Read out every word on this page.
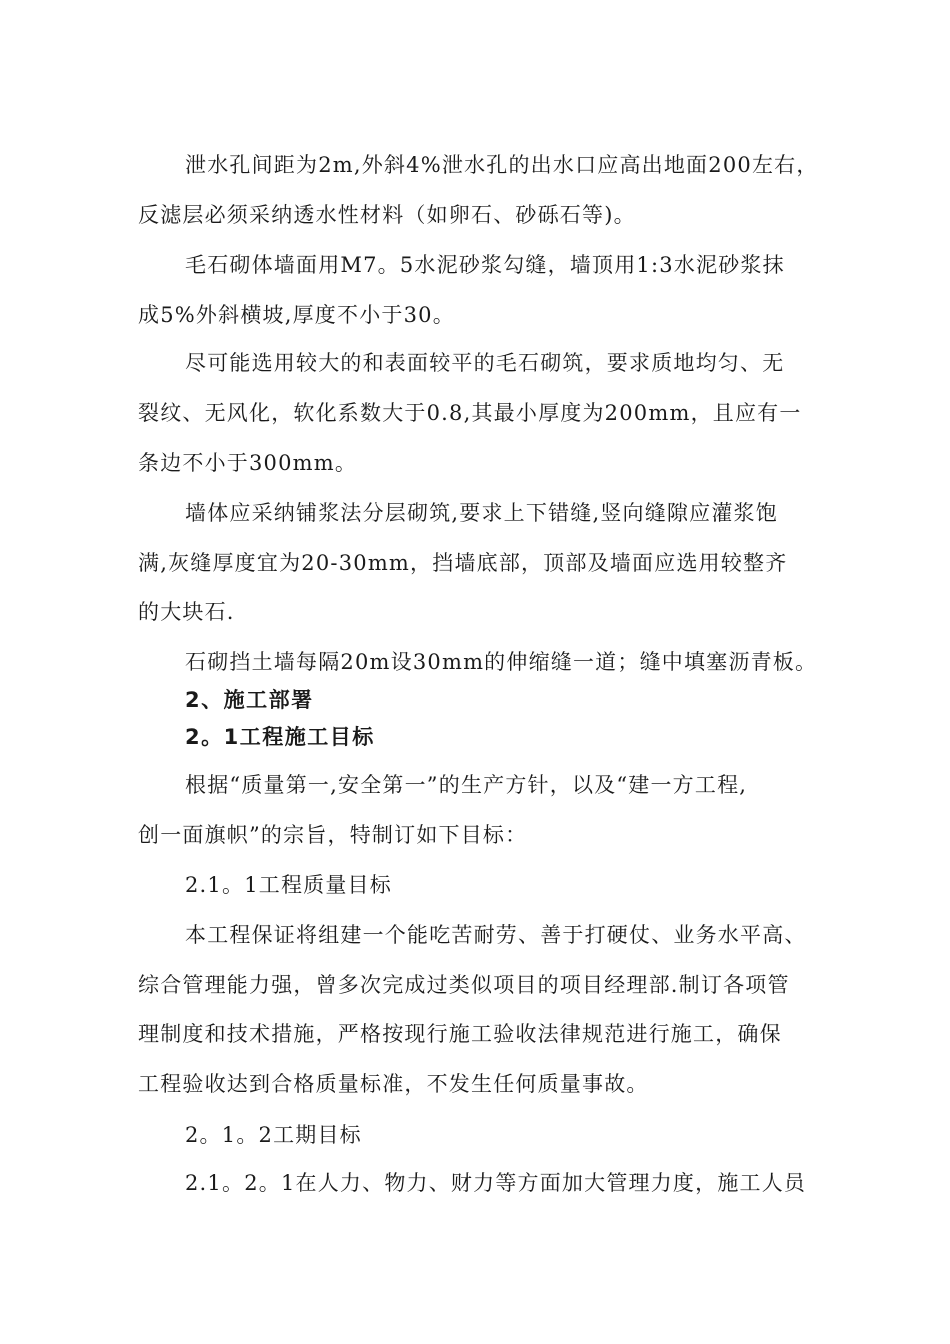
泄水孔间距为2m,外斜4%泄水孔的出水口应高出地面200左右，
反滤层必须采纳透水性材料（如卵石、砂砾石等)。
毛石砌体墙面用M7。5水泥砂浆勾缝，墙顶用1:3水泥砂浆抹
成5%外斜横坡,厚度不小于30。
尽可能选用较大的和表面较平的毛石砌筑，要求质地均匀、无
裂纹、无风化，软化系数大于0.8,其最小厚度为200mm，且应有一
条边不小于300mm。
墙体应采纳铺浆法分层砌筑,要求上下错缝,竖向缝隙应灌浆饱
满,灰缝厚度宜为20-30mm，挡墙底部，顶部及墙面应选用较整齐
的大块石.
石砌挡土墙每隔20m设30mm的伸缩缝一道；缝中填塞沥青板。
2、施工部署
2。1工程施工目标
根据“质量第一,安全第一”的生产方针，以及“建一方工程,
创一面旗帜”的宗旨，特制订如下目标：
2.1。1工程质量目标
本工程保证将组建一个能吃苦耐劳、善于打硬仗、业务水平高、
综合管理能力强，曾多次完成过类似项目的项目经理部.制订各项管
理制度和技术措施，严格按现行施工验收法律规范进行施工，确保
工程验收达到合格质量标准，不发生任何质量事故。
2。1。2工期目标
2.1。2。1在人力、物力、财力等方面加大管理力度，施工人员
